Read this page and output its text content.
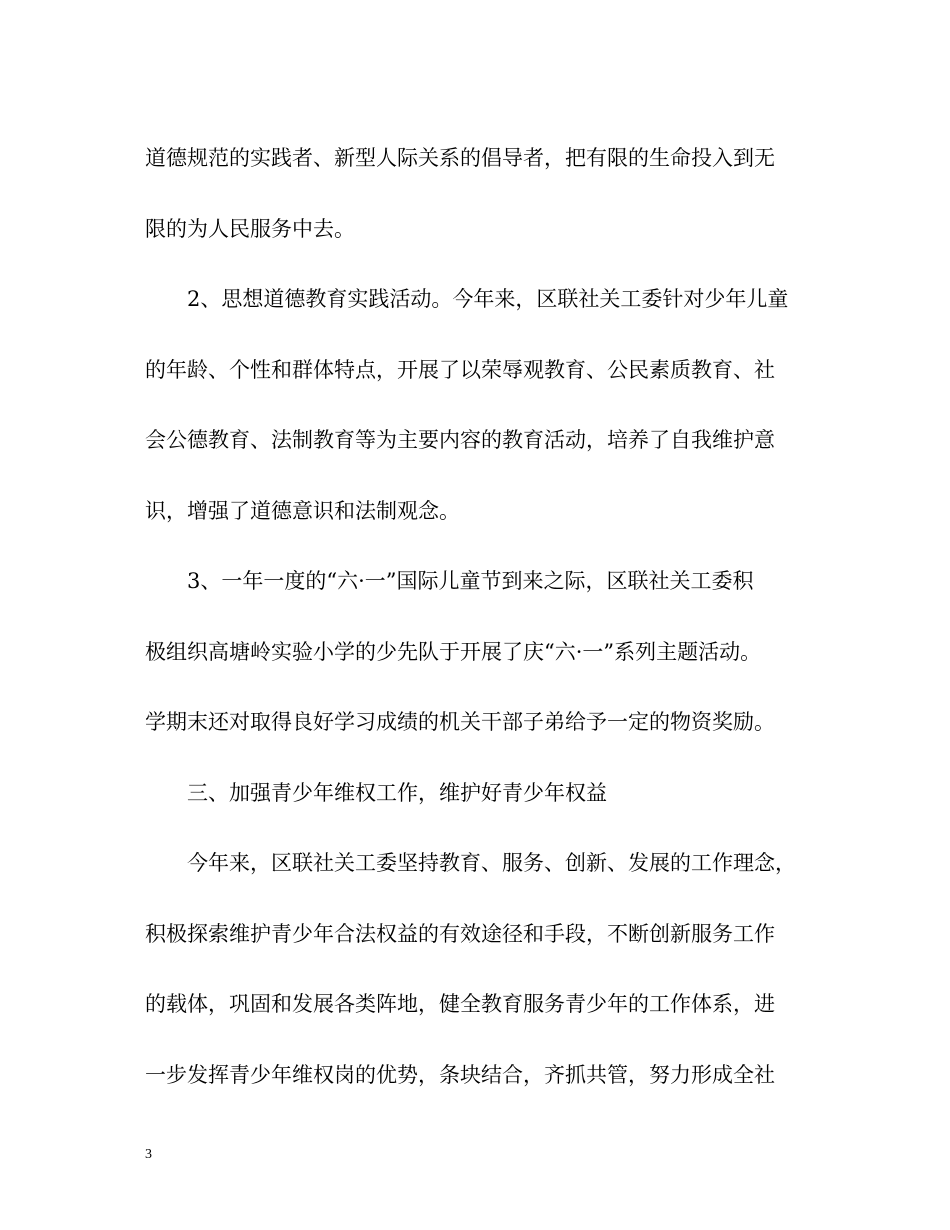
道德规范的实践者、新型人际关系的倡导者，把有限的生命投入到无
限的为人民服务中去。
2、思想道德教育实践活动。今年来，区联社关工委针对少年儿童
的年龄、个性和群体特点，开展了以荣辱观教育、公民素质教育、社
会公德教育、法制教育等为主要内容的教育活动，培养了自我维护意
识，增强了道德意识和法制观念。
3、一年一度的“六·一”国际儿童节到来之际，区联社关工委积
极组织高塘岭实验小学的少先队于开展了庆“六·一”系列主题活动。
学期末还对取得良好学习成绩的机关干部子弟给予一定的物资奖励。
三、加强青少年维权工作，维护好青少年权益
今年来，区联社关工委坚持教育、服务、创新、发展的工作理念，
积极探索维护青少年合法权益的有效途径和手段，不断创新服务工作
的载体，巩固和发展各类阵地，健全教育服务青少年的工作体系，进
一步发挥青少年维权岗的优势，条块结合，齐抓共管，努力形成全社
3
